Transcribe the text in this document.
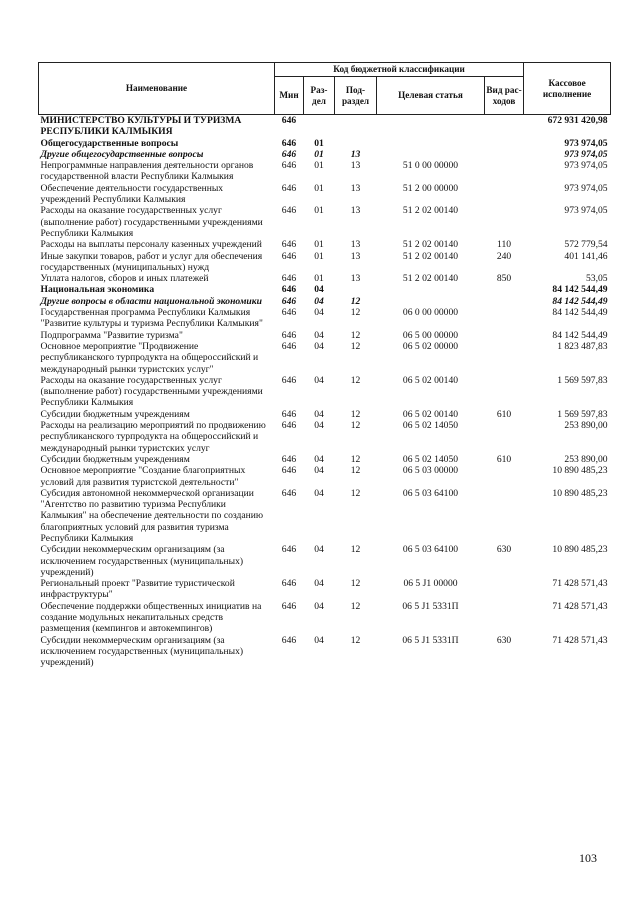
Наименование	Код бюджетной классификации					Кассовое исполнение
	Мин	Раз-дел	Под-раздел	Целевая статья	Вид рас-ходов	
МИНИСТЕРСТВО КУЛЬТУРЫ И ТУРИЗМА РЕСПУБЛИКИ КАЛМЫКИЯ	646					672 931 420,98
Общегосударственные вопросы	646	01				973 974,05
Другие общегосударственные вопросы	646	01	13			973 974,05
Непрограммные направления деятельности органов государственной власти Республики Калмыкия	646	01	13	51 0 00 00000		973 974,05
Обеспечение деятельности государственных учреждений Республики Калмыкия	646	01	13	51 2 00 00000		973 974,05
Расходы на оказание государственных услуг (выполнение работ) государственными учреждениями Республики Калмыкия	646	01	13	51 2 02 00140		973 974,05
Расходы на выплаты персоналу казенных учреждений	646	01	13	51 2 02 00140	110	572 779,54
Иные закупки товаров, работ и услуг для обеспечения государственных (муниципальных) нужд	646	01	13	51 2 02 00140	240	401 141,46
Уплата налогов, сборов и иных платежей	646	01	13	51 2 02 00140	850	53,05
Национальная экономика	646	04				84 142 544,49
Другие вопросы в области национальной экономики	646	04	12			84 142 544,49
Государственная программа Республики Калмыкия "Развитие культуры и туризма Республики Калмыкия"	646	04	12	06 0 00 00000		84 142 544,49
Подпрограмма "Развитие туризма"	646	04	12	06 5 00 00000		84 142 544,49
Основное мероприятие "Продвижение республиканского турпродукта на общероссийский и международный рынки туристских услуг"	646	04	12	06 5 02 00000		1 823 487,83
Расходы на оказание государственных услуг (выполнение работ) государственными учреждениями Республики Калмыкия	646	04	12	06 5 02 00140		1 569 597,83
Субсидии бюджетным учреждениям	646	04	12	06 5 02 00140	610	1 569 597,83
Расходы на реализацию мероприятий по продвижению республиканского турпродукта на общероссийский и международный рынки туристских услуг	646	04	12	06 5 02 14050		253 890,00
Субсидии бюджетным учреждениям	646	04	12	06 5 02 14050	610	253 890,00
Основное мероприятие "Создание благоприятных условий для развития туристской деятельности"	646	04	12	06 5 03 00000		10 890 485,23
Субсидия автономной некоммерческой организации "Агентство по развитию туризма Республики Калмыкия" на обеспечение деятельности по созданию благоприятных условий для развития туризма Республики Калмыкия	646	04	12	06 5 03 64100		10 890 485,23
Субсидии некоммерческим организациям (за исключением государственных (муниципальных) учреждений)	646	04	12	06 5 03 64100	630	10 890 485,23
Региональный проект "Развитие туристической инфраструктуры"	646	04	12	06 5 J1 00000		71 428 571,43
Обеспечение поддержки общественных инициатив на создание модульных некапитальных средств размещения (кемпингов и автокемпингов)	646	04	12	06 5 J1 5331П		71 428 571,43
Субсидии некоммерческим организациям (за исключением государственных (муниципальных) учреждений)	646	04	12	06 5 J1 5331П	630	71 428 571,43
103
